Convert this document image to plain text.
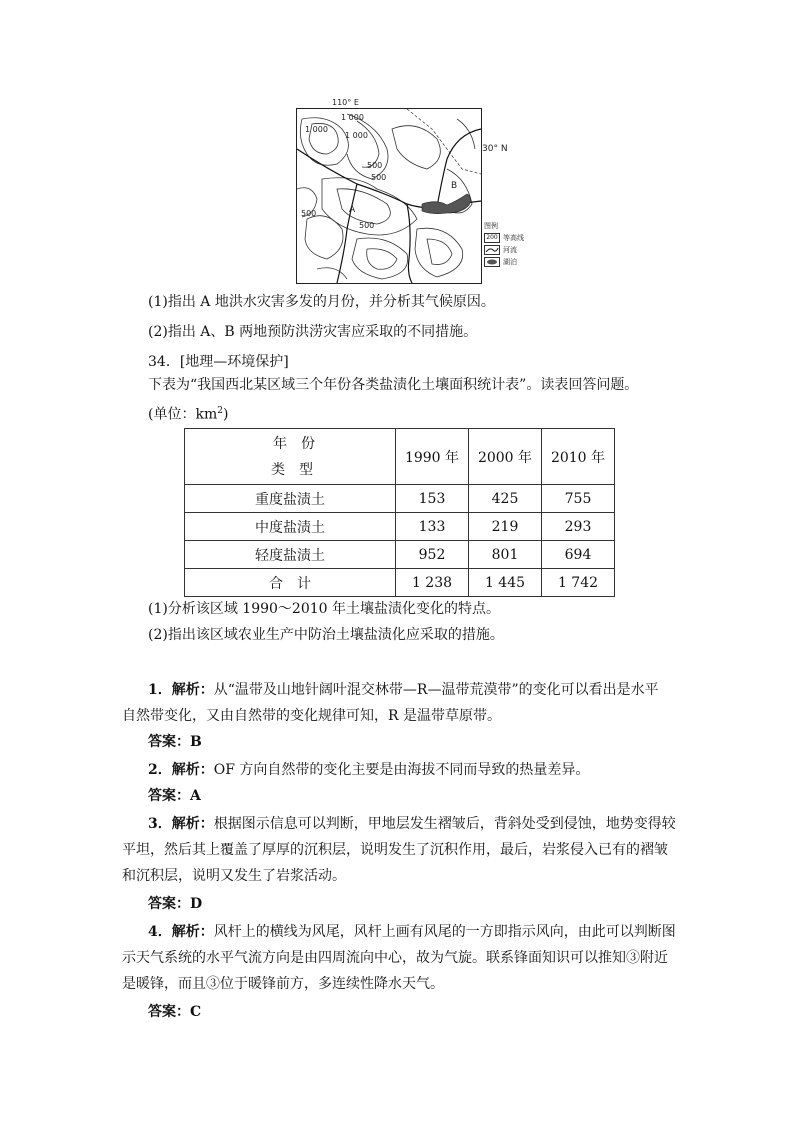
110° E
1 000
1 000
1 000
500
500
500
500
A
B
30° N
图例
200 等高线
河流
湖泊
(1)指出 A 地洪水灾害多发的月份，并分析其气候原因。
(2)指出 A、B 两地预防洪涝灾害应采取的不同措施。
34．[地理—环境保护]
下表为“我国西北某区域三个年份各类盐渍化土壤面积统计表”。读表回答问题。
(单位：$km^2$)
年　份
类　型	1990 年	2000 年	2010 年
重度盐渍土	153	425	755
中度盐渍土	133	219	293
轻度盐渍土	952	801	694
合　计	1 238	1 445	1 742
(1)分析该区域 1990～2010 年土壤盐渍化变化的特点。
(2)指出该区域农业生产中防治土壤盐渍化应采取的措施。
1．解析：从“温带及山地针阔叶混交林带—R—温带荒漠带”的变化可以看出是水平
自然带变化，又由自然带的变化规律可知，R 是温带草原带。
答案：B
2．解析：OF 方向自然带的变化主要是由海拔不同而导致的热量差异。
答案：A
3．解析：根据图示信息可以判断，甲地层发生褶皱后，背斜处受到侵蚀，地势变得较
平坦，然后其上覆盖了厚厚的沉积层，说明发生了沉积作用，最后，岩浆侵入已有的褶皱
和沉积层，说明又发生了岩浆活动。
答案：D
4．解析：风杆上的横线为风尾，风杆上画有风尾的一方即指示风向，由此可以判断图
示天气系统的水平气流方向是由四周流向中心，故为气旋。联系锋面知识可以推知③附近
是暖锋，而且③位于暖锋前方，多连续性降水天气。
答案：C
